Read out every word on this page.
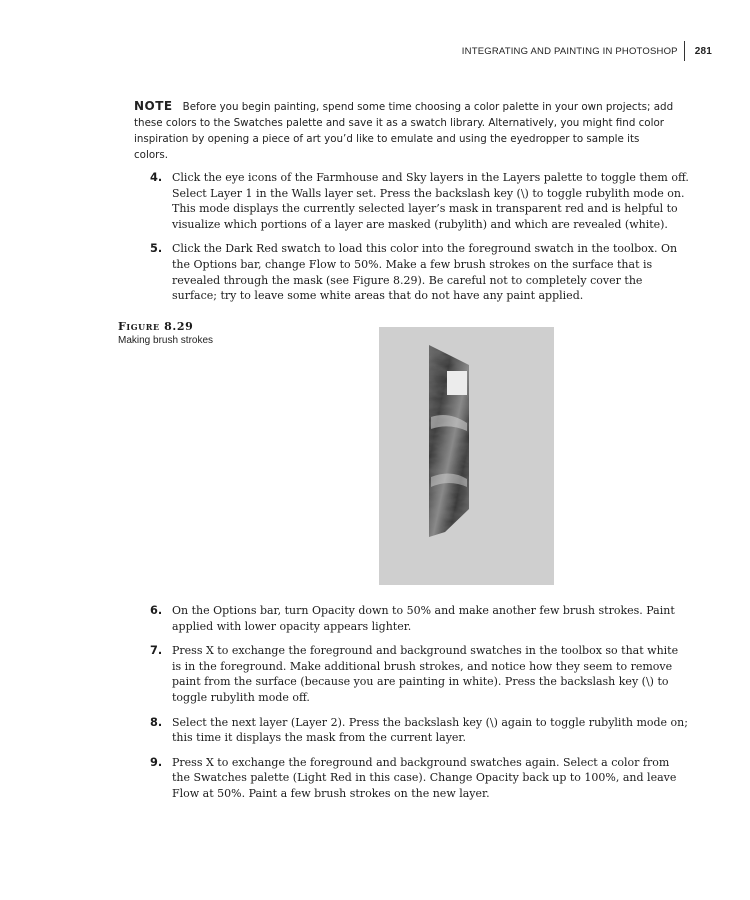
INTEGRATING AND PAINTING IN PHOTOSHOP 281
NOTE Before you begin painting, spend some time choosing a color palette in your own projects; add these colors to the Swatches palette and save it as a swatch library. Alternatively, you might find color inspiration by opening a piece of art you’d like to emulate and using the eyedropper to sample its colors.
4. Click the eye icons of the Farmhouse and Sky layers in the Layers palette to toggle them off. Select Layer 1 in the Walls layer set. Press the backslash key (\) to toggle rubylith mode on. This mode displays the currently selected layer’s mask in transparent red and is helpful to visualize which portions of a layer are masked (rubylith) and which are revealed (white).
5. Click the Dark Red swatch to load this color into the foreground swatch in the toolbox. On the Options bar, change Flow to 50%. Make a few brush strokes on the surface that is revealed through the mask (see Figure 8.29). Be careful not to completely cover the surface; try to leave some white areas that do not have any paint applied.
Figure 8.29
Making brush strokes
6. On the Options bar, turn Opacity down to 50% and make another few brush strokes. Paint applied with lower opacity appears lighter.
7. Press X to exchange the foreground and background swatches in the toolbox so that white is in the foreground. Make additional brush strokes, and notice how they seem to remove paint from the surface (because you are painting in white). Press the backslash key (\) to toggle rubylith mode off.
8. Select the next layer (Layer 2). Press the backslash key (\) again to toggle rubylith mode on; this time it displays the mask from the current layer.
9. Press X to exchange the foreground and background swatches again. Select a color from the Swatches palette (Light Red in this case). Change Opacity back up to 100%, and leave Flow at 50%. Paint a few brush strokes on the new layer.
